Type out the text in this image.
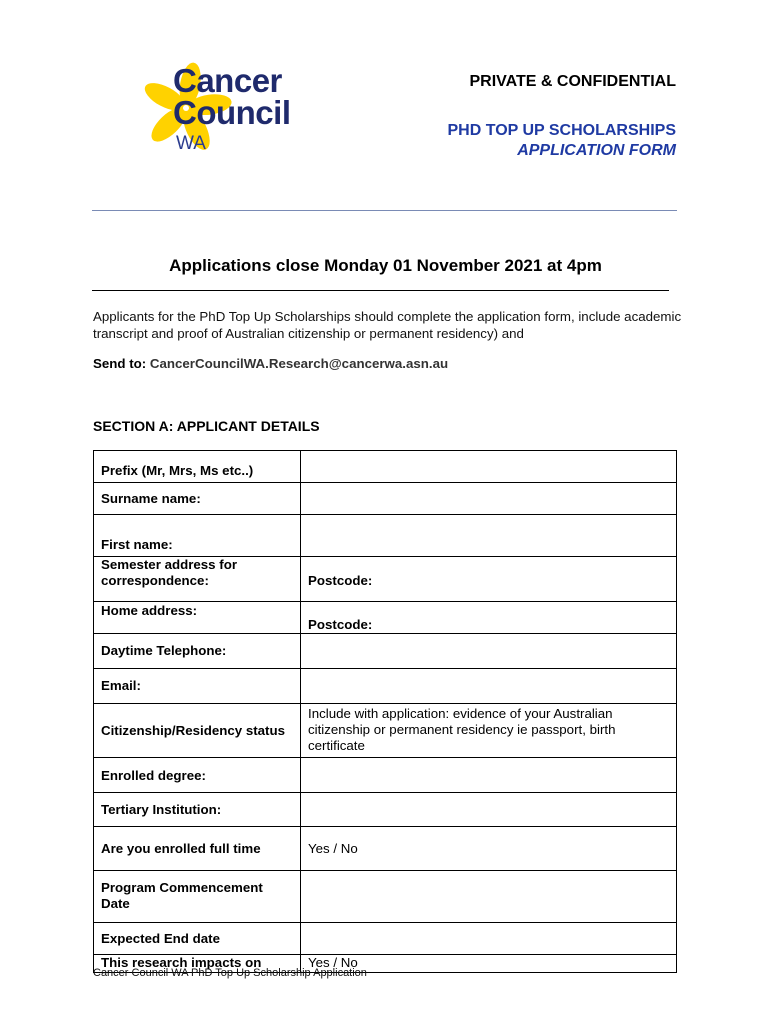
Cancer
Council
WA
PRIVATE & CONFIDENTIAL
PHD TOP UP SCHOLARSHIPS
APPLICATION FORM
Applications close Monday 01 November 2021 at 4pm
Applicants for the PhD Top Up Scholarships should complete the application form, include academic transcript and proof of Australian citizenship or permanent residency) and
Send to: CancerCouncilWA.Research@cancerwa.asn.au
SECTION A: APPLICANT DETAILS
Prefix (Mr, Mrs, Ms etc..)	
Surname name:	
First name:	
Semester address for correspondence:	Postcode:
Home address:	Postcode:
Daytime Telephone:	
Email:	
Citizenship/Residency status	Include with application: evidence of your Australian citizenship or permanent residency ie passport, birth certificate
Enrolled degree:	
Tertiary Institution:	
Are you enrolled full time	Yes / No
Program Commencement Date	
Expected End date	
This research impacts on	Yes / No
Cancer Council WA PhD Top Up Scholarship Application
